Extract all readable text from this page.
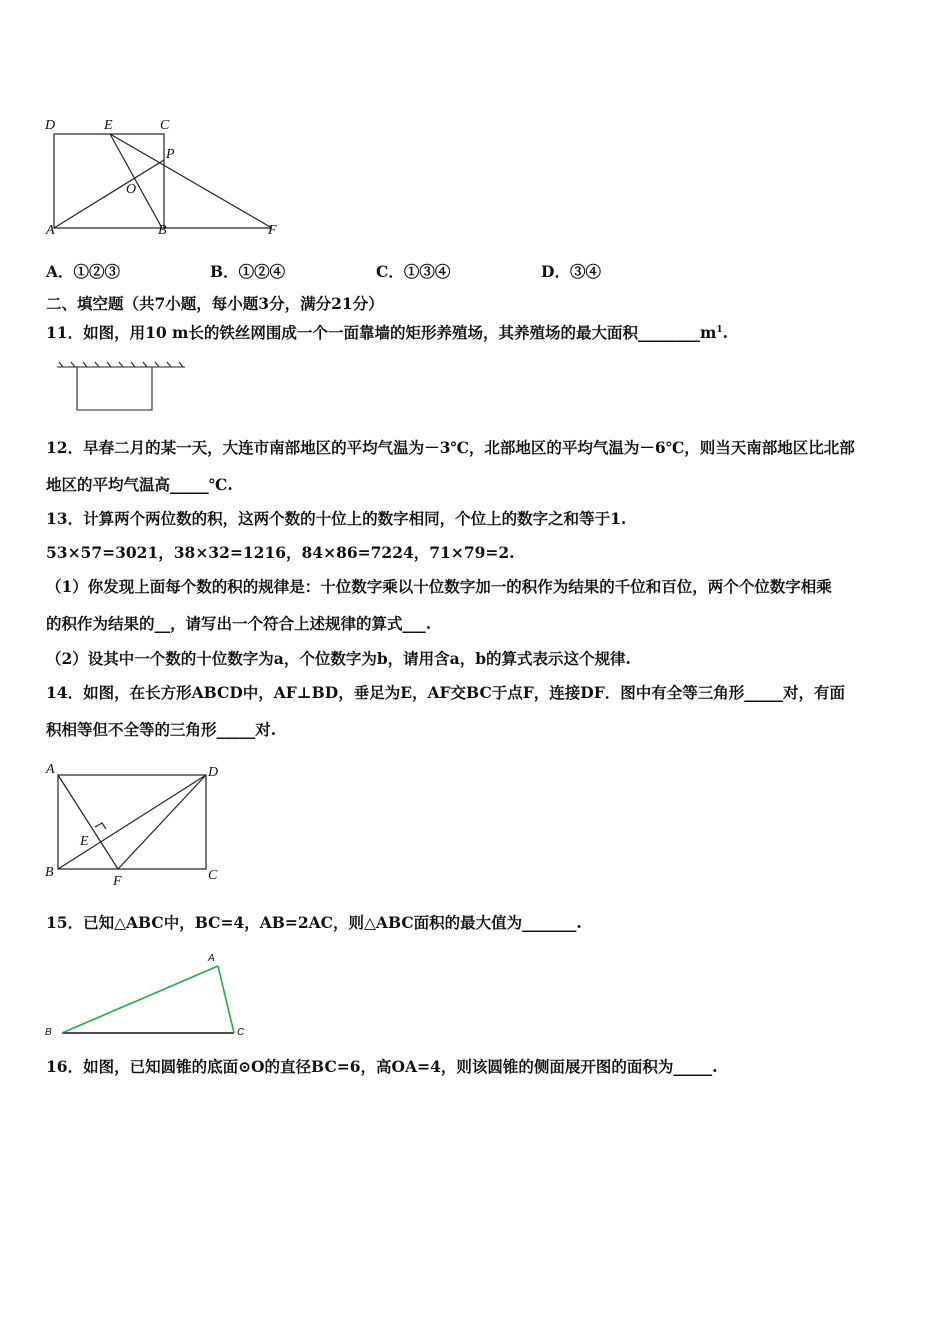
D	E	C
P
O
A	B	F
A．①②③	B．①②④	C．①③④	D．③④
二、填空题（共7小题，每小题3分，满分21分）
11．如图，用10 m长的铁丝网围成一个一面靠墙的矩形养殖场，其养殖场的最大面积$\_\_\_\_\_\_\_\_m^1$.
12．早春二月的某一天，大连市南部地区的平均气温为－3℃，北部地区的平均气温为－6℃，则当天南部地区比北部
地区的平均气温高_____℃.
13．计算两个两位数的积，这两个数的十位上的数字相同，个位上的数字之和等于1.
53×57=3021，38×32=1216，84×86=7224，71×79=2.
（1）你发现上面每个数的积的规律是：十位数字乘以十位数字加一的积作为结果的千位和百位，两个个位数字相乘
的积作为结果的__，请写出一个符合上述规律的算式___.
（2）设其中一个数的十位数字为a，个位数字为b，请用含a，b的算式表示这个规律.
14．如图，在长方形ABCD中，AF⊥BD，垂足为E，AF交BC于点F，连接DF．图中有全等三角形_____对，有面
积相等但不全等的三角形_____对.
A	D
E
B
F	C
15．已知△ABC中，BC=4，AB=2AC，则△ABC面积的最大值为_______.
A
B	C
16．如图，已知圆锥的底面⊙O的直径BC=6，高OA=4，则该圆锥的侧面展开图的面积为_____.
